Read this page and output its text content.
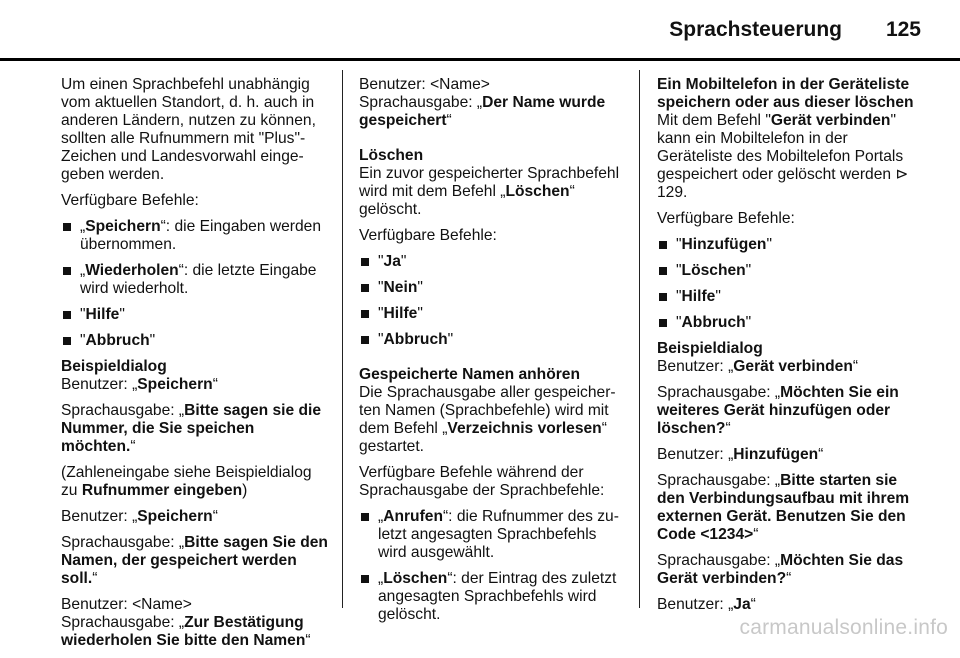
Sprachsteuerung 125

Um einen Sprachbefehl unabhängig vom aktuellen Standort, d. h. auch in anderen Ländern, nutzen zu können, sollten alle Rufnummern mit "Plus"-Zeichen und Landesvorwahl eingegeben werden.

Verfügbare Befehle:

„Speichern“: die Eingaben werden übernommen.
„Wiederholen“: die letzte Eingabe wird wiederholt.
"Hilfe"
"Abbruch"

Beispieldialog

Benutzer: „Speichern“

Sprachausgabe: „Bitte sagen sie die Nummer, die Sie speichen möchten.“

(Zahleneingabe siehe Beispieldialog zu Rufnummer eingeben)

Benutzer: „Speichern“

Sprachausgabe: „Bitte sagen Sie den Namen, der gespeichert werden soll.“

Benutzer: <Name>

Sprachausgabe: „Zur Bestätigung wiederholen Sie bitte den Namen“

Benutzer: <Name>

Sprachausgabe: „Der Name wurde gespeichert“

Löschen

Ein zuvor gespeicherter Sprachbefehl wird mit dem Befehl „Löschen“ gelöscht.

Verfügbare Befehle:

"Ja"
"Nein"
"Hilfe"
"Abbruch"

Gespeicherte Namen anhören

Die Sprachausgabe aller gespeicherten Namen (Sprachbefehle) wird mit dem Befehl „Verzeichnis vorlesen“ gestartet.

Verfügbare Befehle während der Sprachausgabe der Sprachbefehle:

„Anrufen“: die Rufnummer des zuletzt angesagten Sprachbefehls wird ausgewählt.
„Löschen“: der Eintrag des zuletzt angesagten Sprachbefehls wird gelöscht.

Ein Mobiltelefon in der Geräteliste speichern oder aus dieser löschen

Mit dem Befehl "Gerät verbinden" kann ein Mobiltelefon in der Geräteliste des Mobiltelefon Portals gespeichert oder gelöscht werden ⊳ 129.

Verfügbare Befehle:

"Hinzufügen"
"Löschen"
"Hilfe"
"Abbruch"

Beispieldialog

Benutzer: „Gerät verbinden“

Sprachausgabe: „Möchten Sie ein weiteres Gerät hinzufügen oder löschen?“

Benutzer: „Hinzufügen“

Sprachausgabe: „Bitte starten sie den Verbindungsaufbau mit ihrem externen Gerät. Benutzen Sie den Code <1234>“

Sprachausgabe: „Möchten Sie das Gerät verbinden?“

Benutzer: „Ja“

carmanualsonline.info
